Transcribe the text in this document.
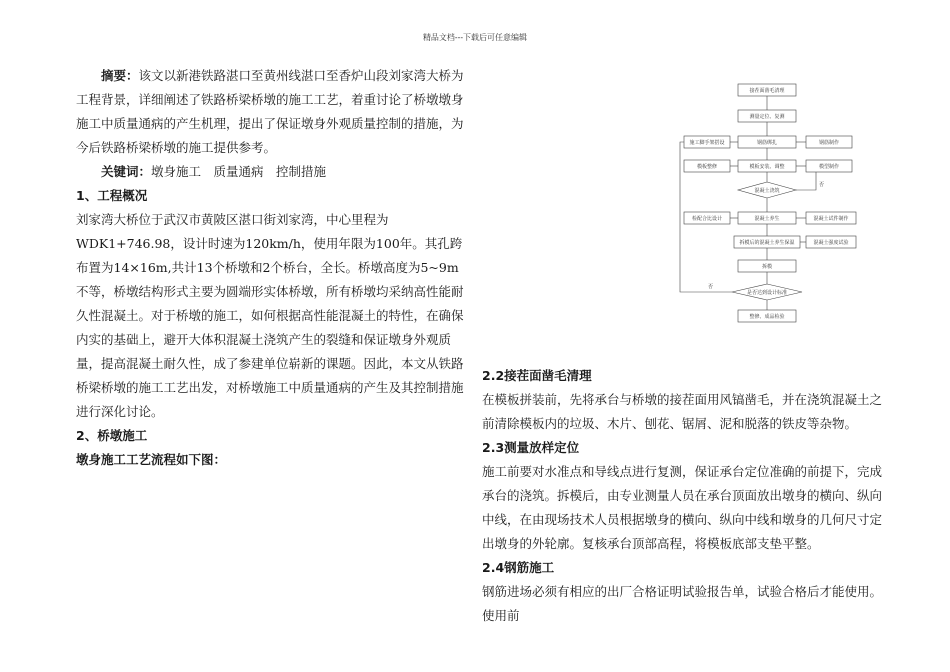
精品文档---下载后可任意编辑

摘要：该文以新港铁路湛口至黄州线湛口至香炉山段刘家湾大桥为工程背景，详细阐述了铁路桥梁桥墩的施工工艺，着重讨论了桥墩墩身施工中质量通病的产生机理，提出了保证墩身外观质量控制的措施，为今后铁路桥梁桥墩的施工提供参考。

关键词：墩身施工　质量通病　控制措施

1、工程概况

刘家湾大桥位于武汉市黄陂区湛口街刘家湾，中心里程为WDK1+746.98，设计时速为120km/h，使用年限为100年。其孔跨布置为14×16m,共计13个桥墩和2个桥台，全长。桥墩高度为5~9m不等，桥墩结构形式主要为圆端形实体桥墩，所有桥墩均采纳高性能耐久性混凝土。对于桥墩的施工，如何根据高性能混凝土的特性，在确保内实的基础上，避开大体积混凝土浇筑产生的裂缝和保证墩身外观质量，提高混凝土耐久性，成了参建单位崭新的课题。因此，本文从铁路桥梁桥墩的施工工艺出发，对桥墩施工中质量通病的产生及其控制措施进行深化讨论。

2、桥墩施工

墩身施工工艺流程如下图：

接茬面凿毛清理
测量定位、复测
钢筋绑扎
施工脚手架搭设	钢筋制作
模板安装、调整
模板整修	模型制作
混凝土浇筑
否
混凝土养生
检配合比设计	混凝土试件制作
拆模后的混凝土养生保温	混凝土强度试验
拆模
是否达到设计标准
否
整修、成品检验

2.2接茬面凿毛清理

在模板拼装前，先将承台与桥墩的接茬面用风镐凿毛，并在浇筑混凝土之前清除模板内的垃圾、木片、刨花、锯屑、泥和脱落的铁皮等杂物。

2.3测量放样定位

施工前要对水准点和导线点进行复测，保证承台定位准确的前提下，完成承台的浇筑。拆模后，由专业测量人员在承台顶面放出墩身的横向、纵向中线，在由现场技术人员根据墩身的横向、纵向中线和墩身的几何尺寸定出墩身的外轮廓。复核承台顶部高程，将模板底部支垫平整。

2.4钢筋施工

钢筋进场必须有相应的出厂合格证明试验报告单，试验合格后才能使用。使用前
